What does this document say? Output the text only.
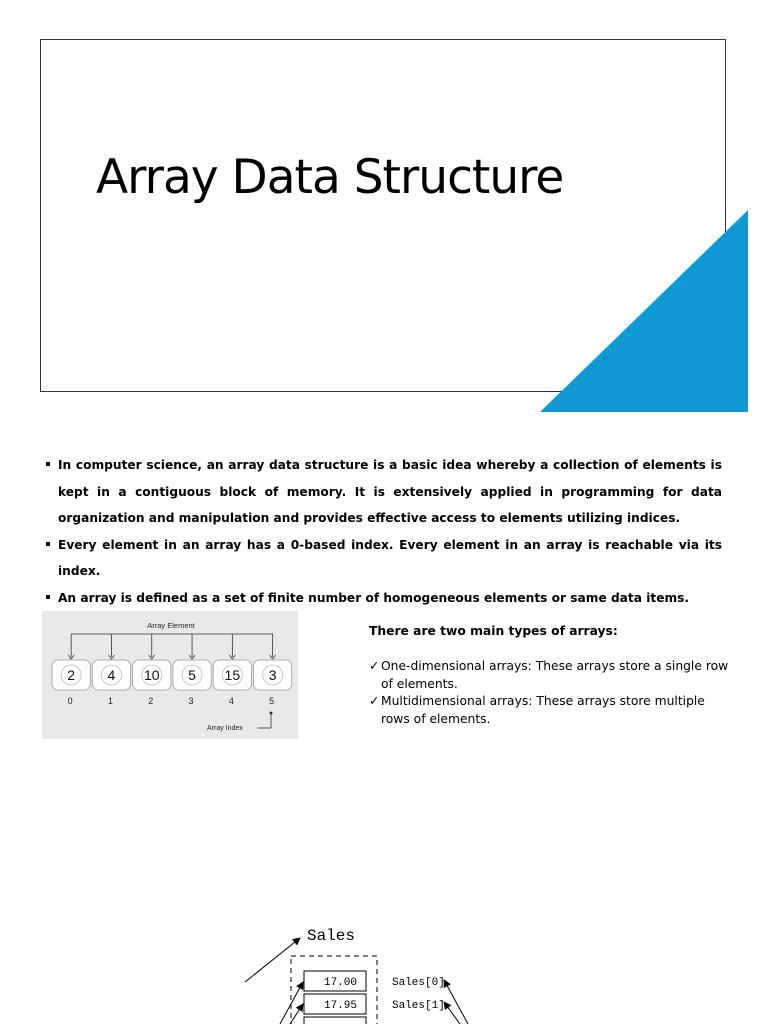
Array Data Structure
In computer science, an array data structure is a basic idea whereby a collection of elements is kept in a contiguous block of memory. It is extensively applied in programming for data organization and manipulation and provides effective access to elements utilizing indices.
Every element in an array has a 0-based index. Every element in an array is reachable via its index.
An array is defined as a set of finite number of homogeneous elements or same data items.
Array Element
2
0
4
1
10
2
5
3
15
4
3
5
Array Index

There are two main types of arrays:

✓ One-dimensional arrays: These arrays store a single row of elements.
✓ Multidimensional arrays: These arrays store multiple rows of elements.
Sales
17.00
17.95
Sales[0]
Sales[1]
